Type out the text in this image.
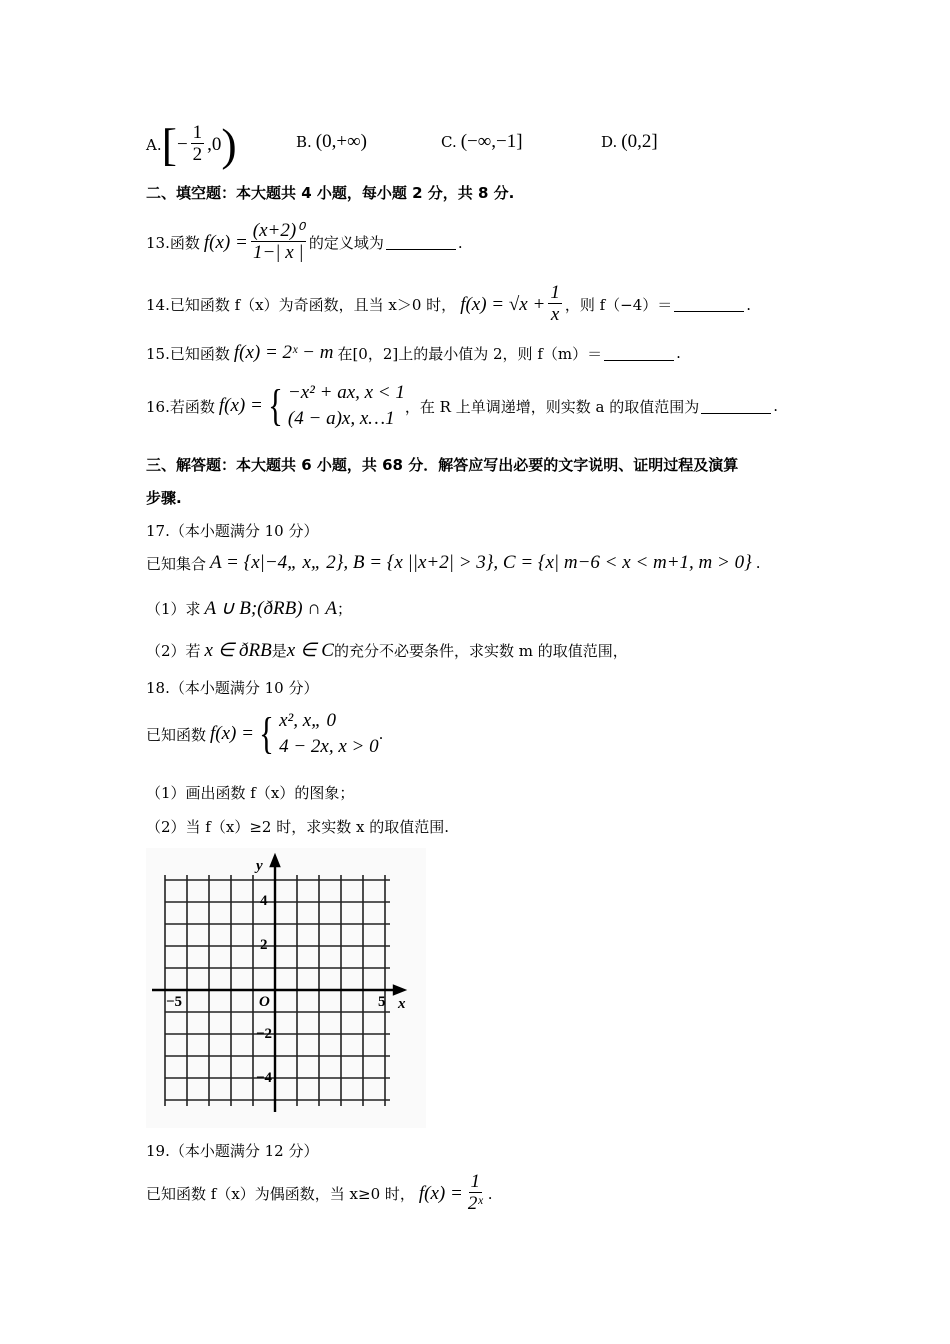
A. [ − $\frac{1}{2} ,0$ )	B. (0,+∞)	C. (−∞,−1]	D. (0,2]
二、填空题：本大题共 4 小题，每小题 2 分，共 8 分.
13.函数 $f(x) = \frac{\text{(x+2)⁰}}{1-| x |}$ 的定义域为	.
14.已知函数 f（x）为奇函数，且当 x＞0 时， $f(x) = √x + \frac{1}{x}$ ，则 f（−4）＝	.
15.已知函数 f(x) = 2ˣ − m 在[0，2]上的最小值为 2，则 f（m）＝	.
16.若函数 f(x) = { −x² + ax, x < 1
(4 − a)x, x…1
，在 R 上单调递增，则实数 a 的取值范围为	.
三、解答题：本大题共 6 小题，共 68 分．解答应写出必要的文字说明、证明过程及演算
步骤.
17.（本小题满分 10 分）
已知集合 A = {x|−4„ x„ 2}, B = {x ||x+2| > 3}, C = {x| m−6 < x < m+1, m > 0} .
（1）求 A ∪ B;(ð R B) ∩ A ；
（2）若 x ∈ ð R B 是 x ∈ C 的充分不必要条件，求实数 m 的取值范围，
18.（本小题满分 10 分）
已知函数 f(x) = { x², x„ 0
4 − 2x, x > 0
.
（1）画出函数 f（x）的图象；
（2）当 f（x）≥2 时，求实数 x 的取值范围.
y
x
O
−5	5
4
2
−2
−4
19.（本小题满分 12 分）
已知函数 f（x）为偶函数，当 x≥0 时， $f(x) = \frac{1}{\text{2ˣ}}$ .
